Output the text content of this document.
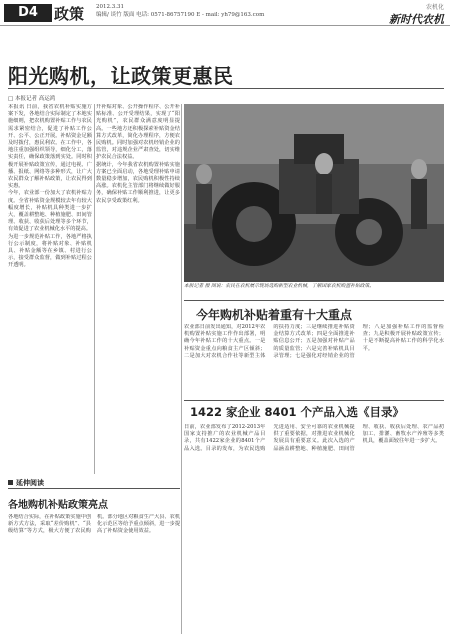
D4	政策 2012.3.31
编辑/ 谈竹 版面 电话: 0571-86757190 E - mail: yh79@163.com
农机化
新时代农机
阳光购机，让政策更惠民
□ 本报记者 高运鸿
本报讯 日前，我省农机补贴实施方案下发，各地结合实际制定了本地实施细则，把农机购置补贴工作与农民需求紧密结合，促进了补贴工作公开、公平、公正开展。补贴资金足额及时拨付，惠民利农。在工作中，各地注重加强组织领导，细化分工，落实责任，确保政策落到实处。同时积极开展补贴政策宣传，通过电视、广播、报纸、网络等多种形式，让广大农民群众了解补贴政策，让农民得到实惠。
今年，农业部一份加大了农机补贴力度。全省补贴资金规模较去年有较大幅度增长，补贴机具种类进一步扩大，覆盖耕整地、种植施肥、田间管理、收获、收获后处理等多个环节，有效促进了农业机械化水平的提高。
为进一步规范补贴工作，各地严格执行公示制度，将补贴对象、补贴机具、补贴金额等在乡镇、村进行公示，接受群众监督，做到补贴过程公开透明。
开补贴对象、公开操作程序、公开补贴标准、公开受理结果，实现了“阳光购机”，农民群众满意度明显提高。一些地方还积极探索补贴资金结算方式改革，简化办理程序，方便农民购机。同时加强对农机经销企业的监管，对违规企业严肃查处，切实维护农民合法权益。
据统计，今年我省农机购置补贴实施方案已全面启动，各地受理补贴申请数量稳步增加，农民购机积极性持续高涨。农机化主管部门将继续做好服务，确保补贴工作顺利推进，让更多农民享受政策红利。
本报记者 摄 图说：农民在农机展示现场选购新型农业机械，了解国家农机购置补贴政策。
今年购机补贴着重有十大重点
农业部日前发出通知，对2012年农机购置补贴实施工作作出部署，明确今年补贴工作的十大重点。一是补贴资金重点向粮食主产区倾斜；二是加大对农机合作社等新型主体的扶持力度；三是继续推进补贴资金结算方式改革；四是全面推进补贴信息公开；五是加强对补贴产品的质量监管；六是完善补贴机具目录管理；七是强化对经销企业的管理；八是加强补贴工作的监督检查；九是积极开展补贴政策宣传；十是不断提高补贴工作的科学化水平。
1422 家企业 8401 个产品入选《目录》
日前，农业部发布了2012-2013年国家支持推广的农业机械产品目录，共有1422家企业的8401个产品入选。目录的发布，为农民选购先进适用、安全可靠的农业机械提供了重要依据，对推进农业机械化发展具有重要意义。此次入选的产品涵盖耕整地、种植施肥、田间管理、收获、收获后处理、农产品初加工、排灌、畜牧水产养殖等多类机具，覆盖面较往年进一步扩大。
延伸阅读
各地购机补贴政策亮点
各地结合实际，在补贴政策实施中创新方式方法，采取“差价购机”、“县级结算”等方式，极大方便了农民购机。部分地区对粮食生产大县、农机化示范区等给予重点倾斜，进一步提高了补贴资金使用效益。
